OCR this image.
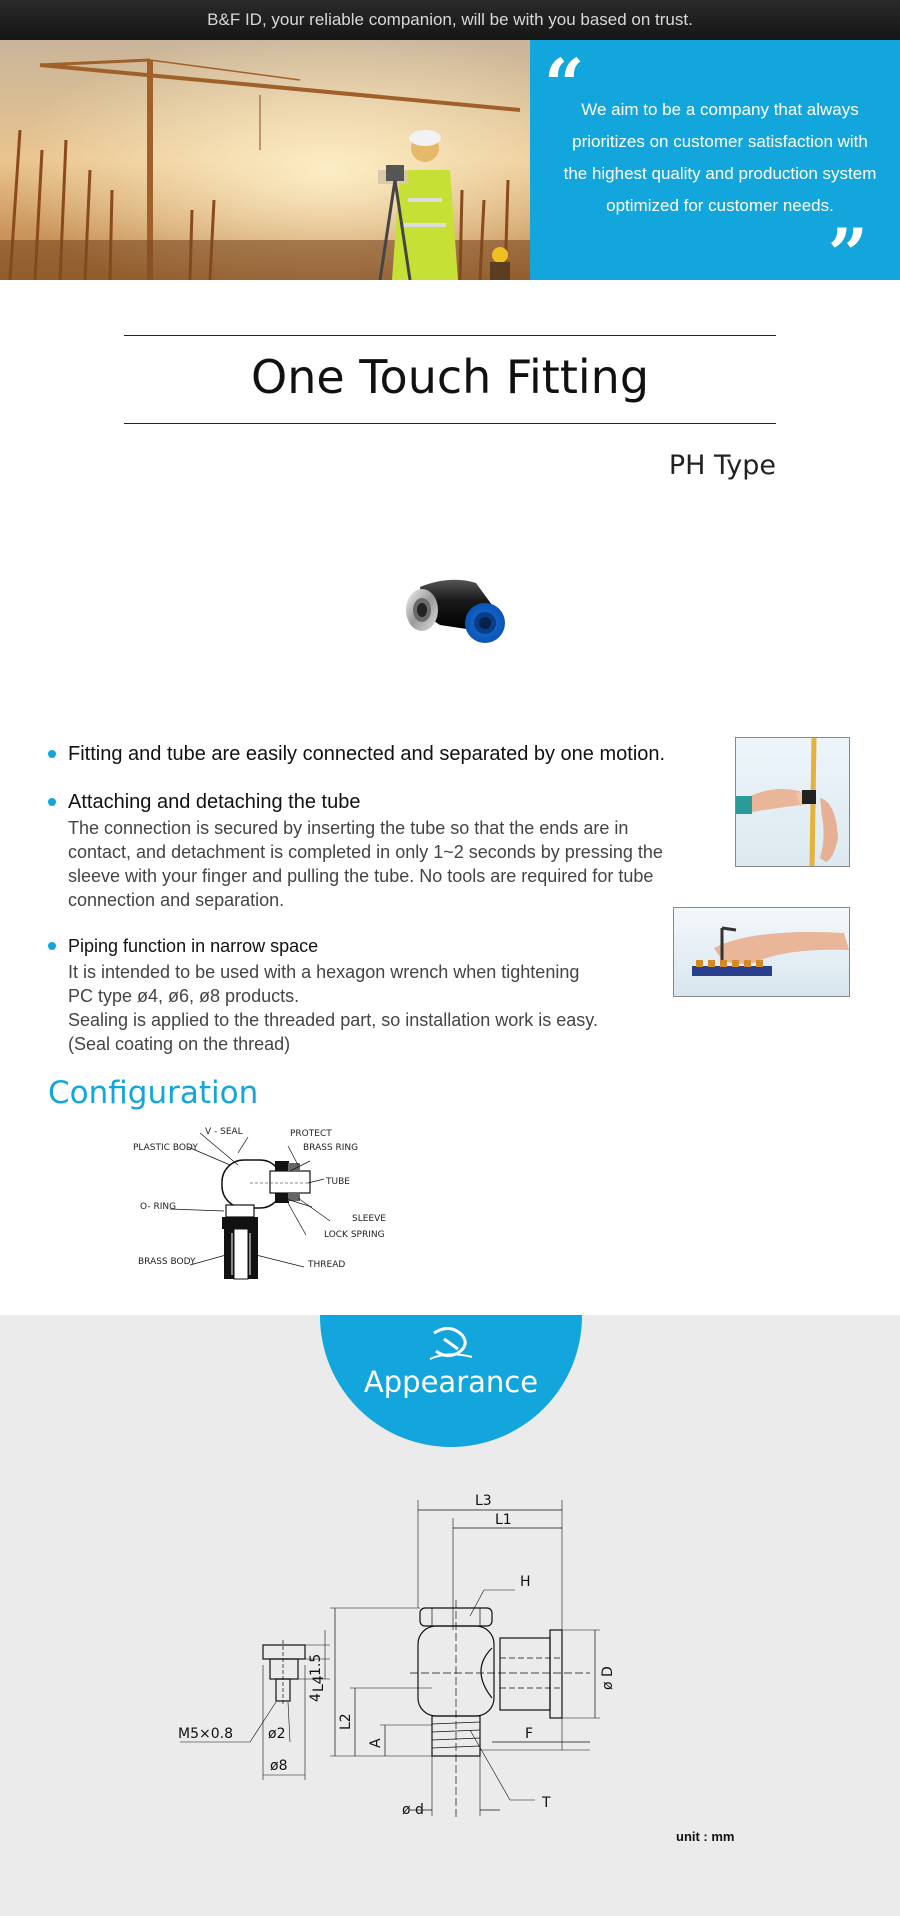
B&F ID, your reliable companion, will be with you based on trust.
“
We aim to be a company that always prioritizes on customer satisfaction with the highest quality and production system optimized for customer needs.
”
One Touch Fitting
PH Type
Fitting and tube are easily connected and separated by one motion.
Attaching and detaching the tube
The connection is secured by inserting the tube so that the ends are in contact, and detachment is completed in only 1~2 seconds by pressing the sleeve with your finger and pulling the tube. No tools are required for tube connection and separation.
Piping function in narrow space
It is intended to be used with a hexagon wrench when tightening
PC type ø4, ø6, ø8 products.
Sealing is applied to the threaded part, so installation work is easy.
(Seal coating on the thread)
Configuration
V - SEAL	PROTECT
PLASTIC BODY	BRASS RING
TUBE
O- RING
SLEEVE
LOCK SPRING
BRASS BODY	THREAD
Appearance
L3
L1
H
L4
L2
A
F
ø D
ø d	T
1.5
4
M5×0.8	ø2
ø8
unit : mm
